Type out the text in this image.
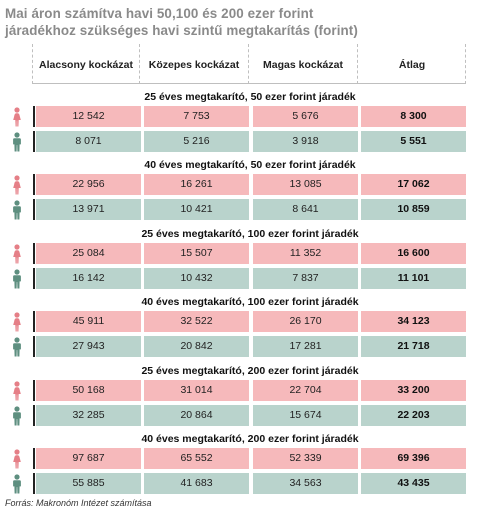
Mai áron számítva havi 50,100 és 200 ezer forint
járadékhoz szükséges havi szintű megtakarítás (forint)
Alacsony kockázat	Közepes kockázat	Magas kockázat	Átlag
25 éves megtakarító, 50 ezer forint járadék
12 542	7 753	5 676	8 300
8 071	5 216	3 918	5 551
40 éves megtakarító, 50 ezer forint járadék
22 956	16 261	13 085	17 062
13 971	10 421	8 641	10 859
25 éves megtakarító, 100 ezer forint járadék
25 084	15 507	11 352	16 600
16 142	10 432	7 837	11 101
40 éves megtakarító, 100 ezer forint járadék
45 911	32 522	26 170	34 123
27 943	20 842	17 281	21 718
25 éves megtakarító, 200 ezer forint járadék
50 168	31 014	22 704	33 200
32 285	20 864	15 674	22 203
40 éves megtakarító, 200 ezer forint járadék
97 687	65 552	52 339	69 396
55 885	41 683	34 563	43 435
Forrás: Makronóm Intézet számítása
